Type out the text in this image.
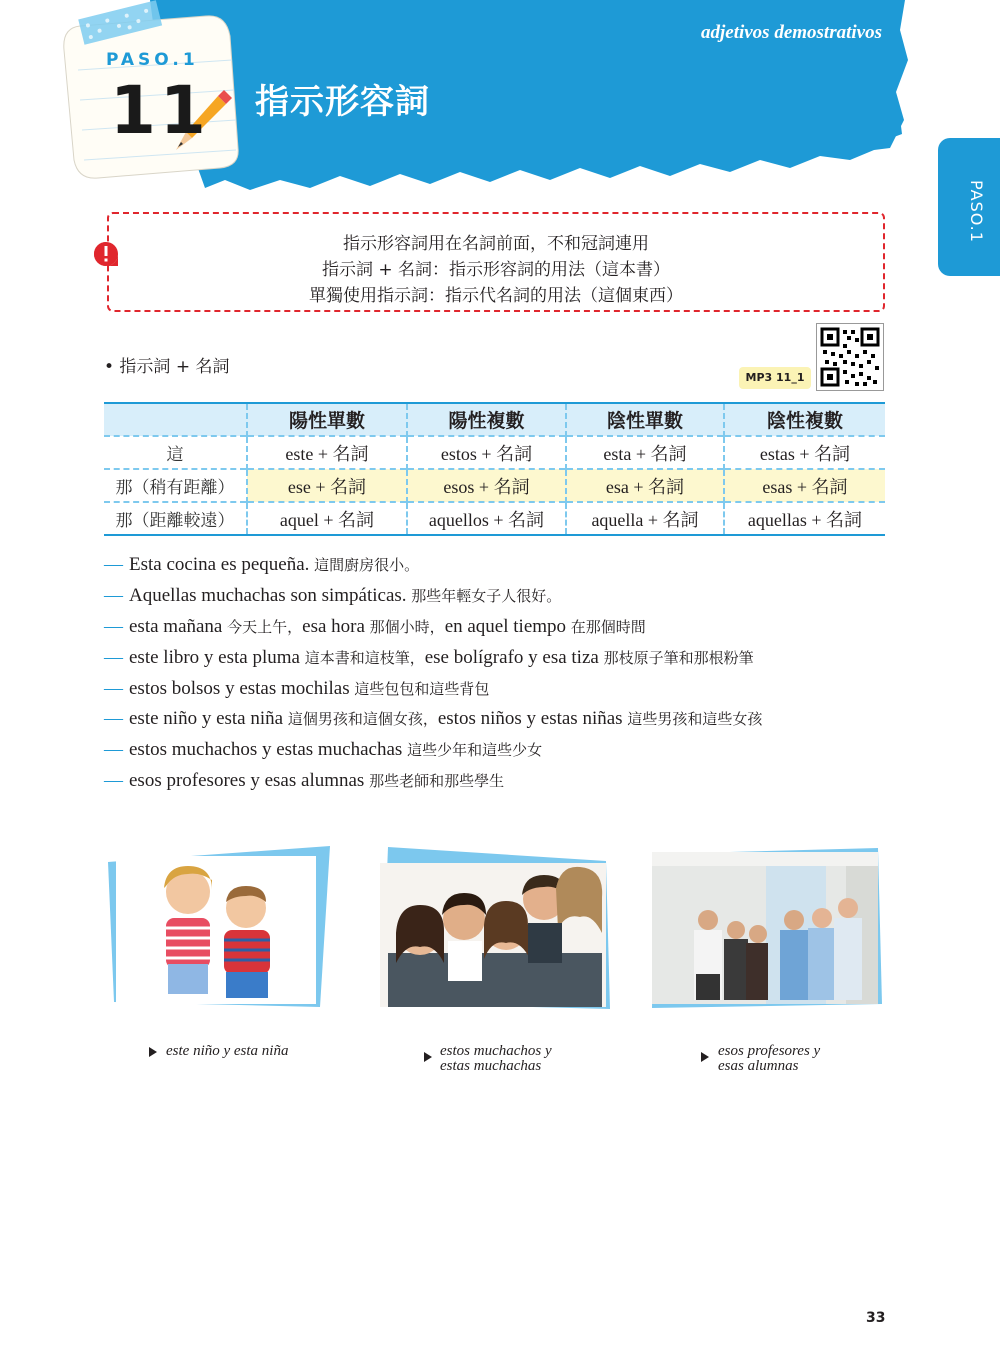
PASO.1
11 指示形容詞
adjetivos demostrativos
PASO.1
指示形容詞用在名詞前面，不和冠詞連用
指示詞 + 名詞：指示形容詞的用法（這本書）
單獨使用指示詞：指示代名詞的用法（這個東西）
• 指示詞 + 名詞
MP3 11_1
	陽性單數	陽性複數	陰性單數	陰性複數
這	este + 名詞	estos + 名詞	esta + 名詞	estas + 名詞
那（稍有距離）	ese + 名詞	esos + 名詞	esa + 名詞	esas + 名詞
那（距離較遠）	aquel + 名詞	aquellos + 名詞	aquella + 名詞	aquellas + 名詞
— Esta cocina es pequeña. 這間廚房很小。
— Aquellas muchachas son simpáticas. 那些年輕女子人很好。
— esta mañana 今天上午，esa hora 那個小時，en aquel tiempo 在那個時間
— este libro y esta pluma 這本書和這枝筆，ese bolígrafo y esa tiza 那枝原子筆和那根粉筆
— estos bolsos y estas mochilas 這些包包和這些背包
— este niño y esta niña 這個男孩和這個女孩，estos niños y estas niñas 這些男孩和這些女孩
— estos muchachos y estas muchachas 這些少年和這些少女
— esos profesores y esas alumnas 那些老師和那些學生
este niño y esta niña	estos muchachos y
estas muchachas
esos profesores y
esas alumnas
33
